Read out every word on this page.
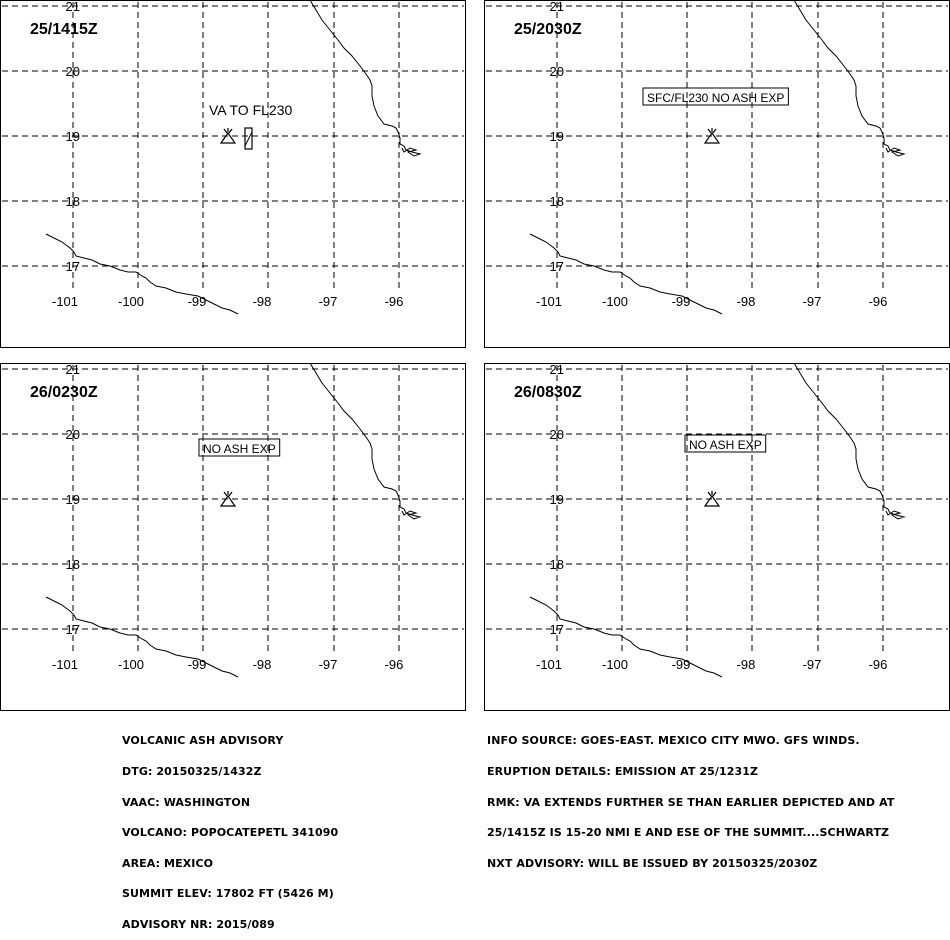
21
20
19
18
17
-101	-100	-99	-98	-97	-96
25/1415Z
VA TO FL230
21
20
19
18
17
-101	-100	-99	-98	-97	-96
25/2030Z
SFC/FL230 NO ASH EXP
21
20
19
18
17
-101	-100	-99	-98	-97	-96
26/0230Z
NO ASH EXP
21
20
19
18
17
-101	-100	-99	-98	-97	-96
26/0830Z
NO ASH EXP

VOLCANIC ASH ADVISORY

DTG: 20150325/1432Z

VAAC: WASHINGTON

VOLCANO: POPOCATEPETL 341090

AREA: MEXICO

SUMMIT ELEV: 17802 FT (5426 M)

ADVISORY NR: 2015/089

INFO SOURCE: GOES-EAST. MEXICO CITY MWO. GFS WINDS.

ERUPTION DETAILS: EMISSION AT 25/1231Z

RMK: VA EXTENDS FURTHER SE THAN EARLIER DEPICTED AND AT

25/1415Z IS 15-20 NMI E AND ESE OF THE SUMMIT....SCHWARTZ

NXT ADVISORY: WILL BE ISSUED BY 20150325/2030Z
